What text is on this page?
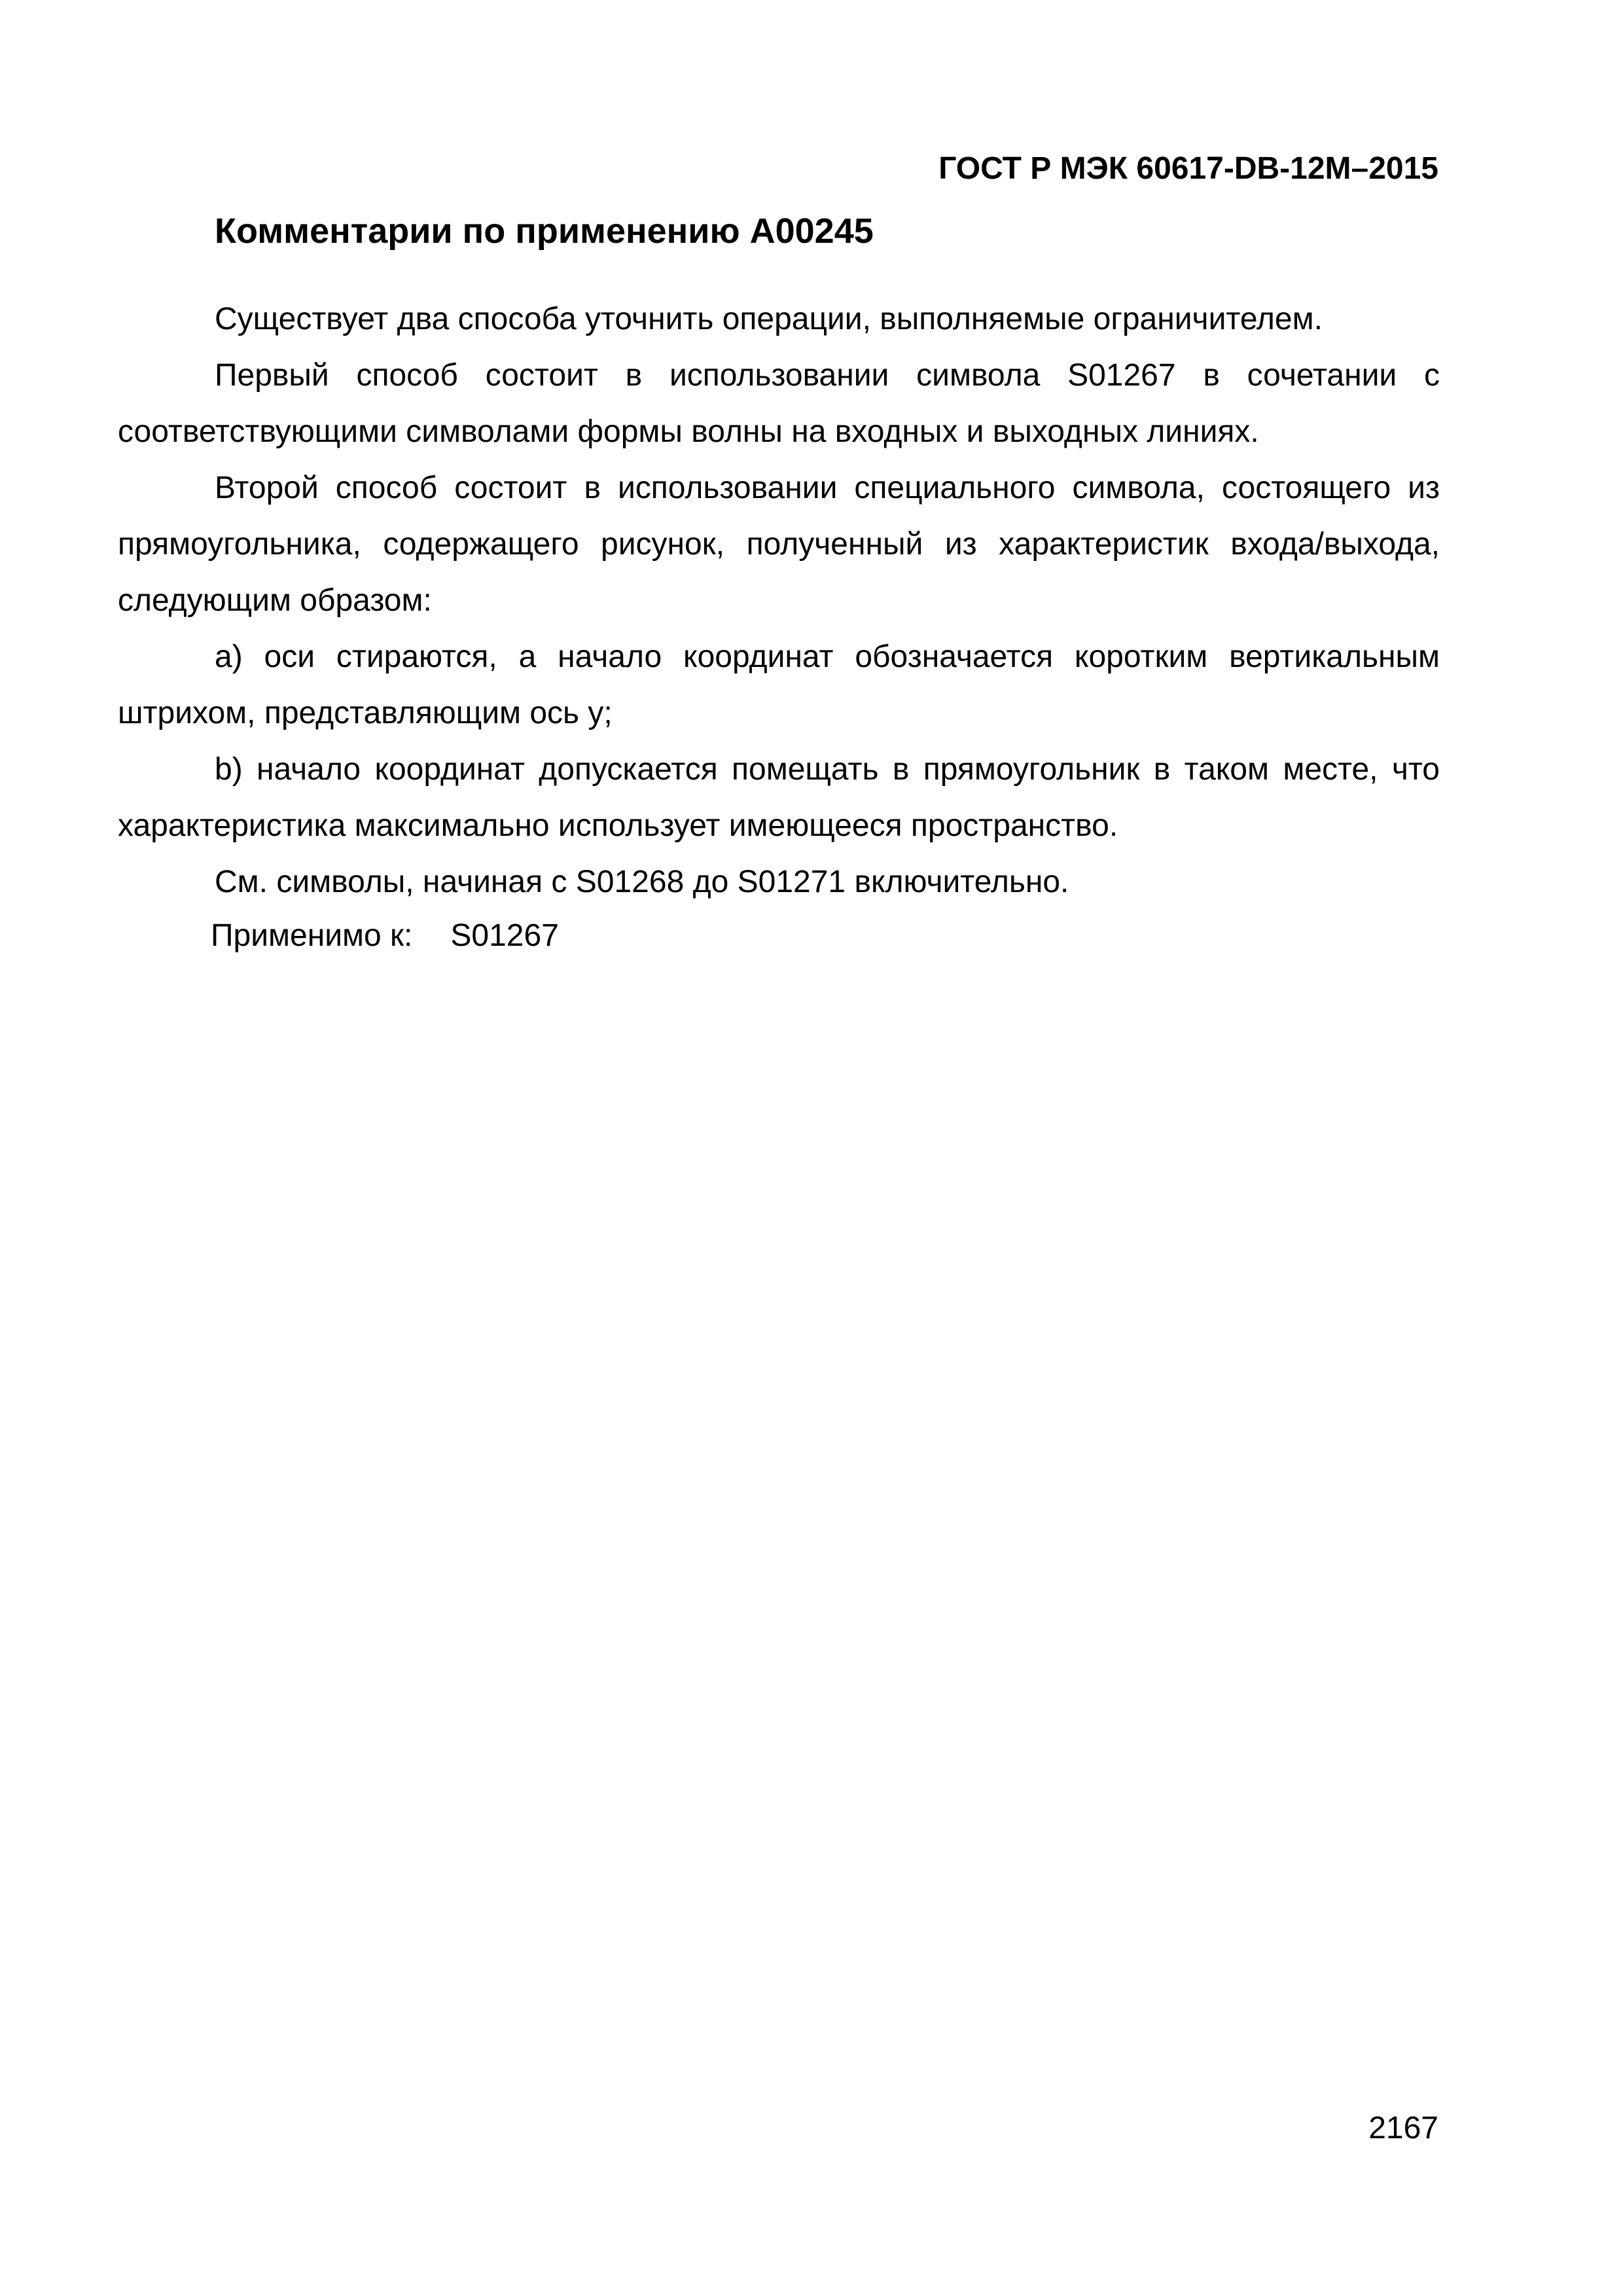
ГОСТ Р МЭК 60617-DB-12М–2015
Комментарии по применению А00245

Существует два способа уточнить операции, выполняемые ограничителем.

Первый способ состоит в использовании символа S01267 в сочетании с соответствующими символами формы волны на входных и выходных линиях.

Второй способ состоит в использовании специального символа, состоящего из прямоугольника, содержащего рисунок, полученный из характеристик входа/выхода, следующим образом:

а) оси стираются, а начало координат обозначается коротким вертикальным штрихом, представляющим ось у;

b) начало координат допускается помещать в прямоугольник в таком месте, что характеристика максимально использует имеющееся пространство.

См. символы, начиная с S01268 до S01271 включительно.

Применимо к: S01267
2167
